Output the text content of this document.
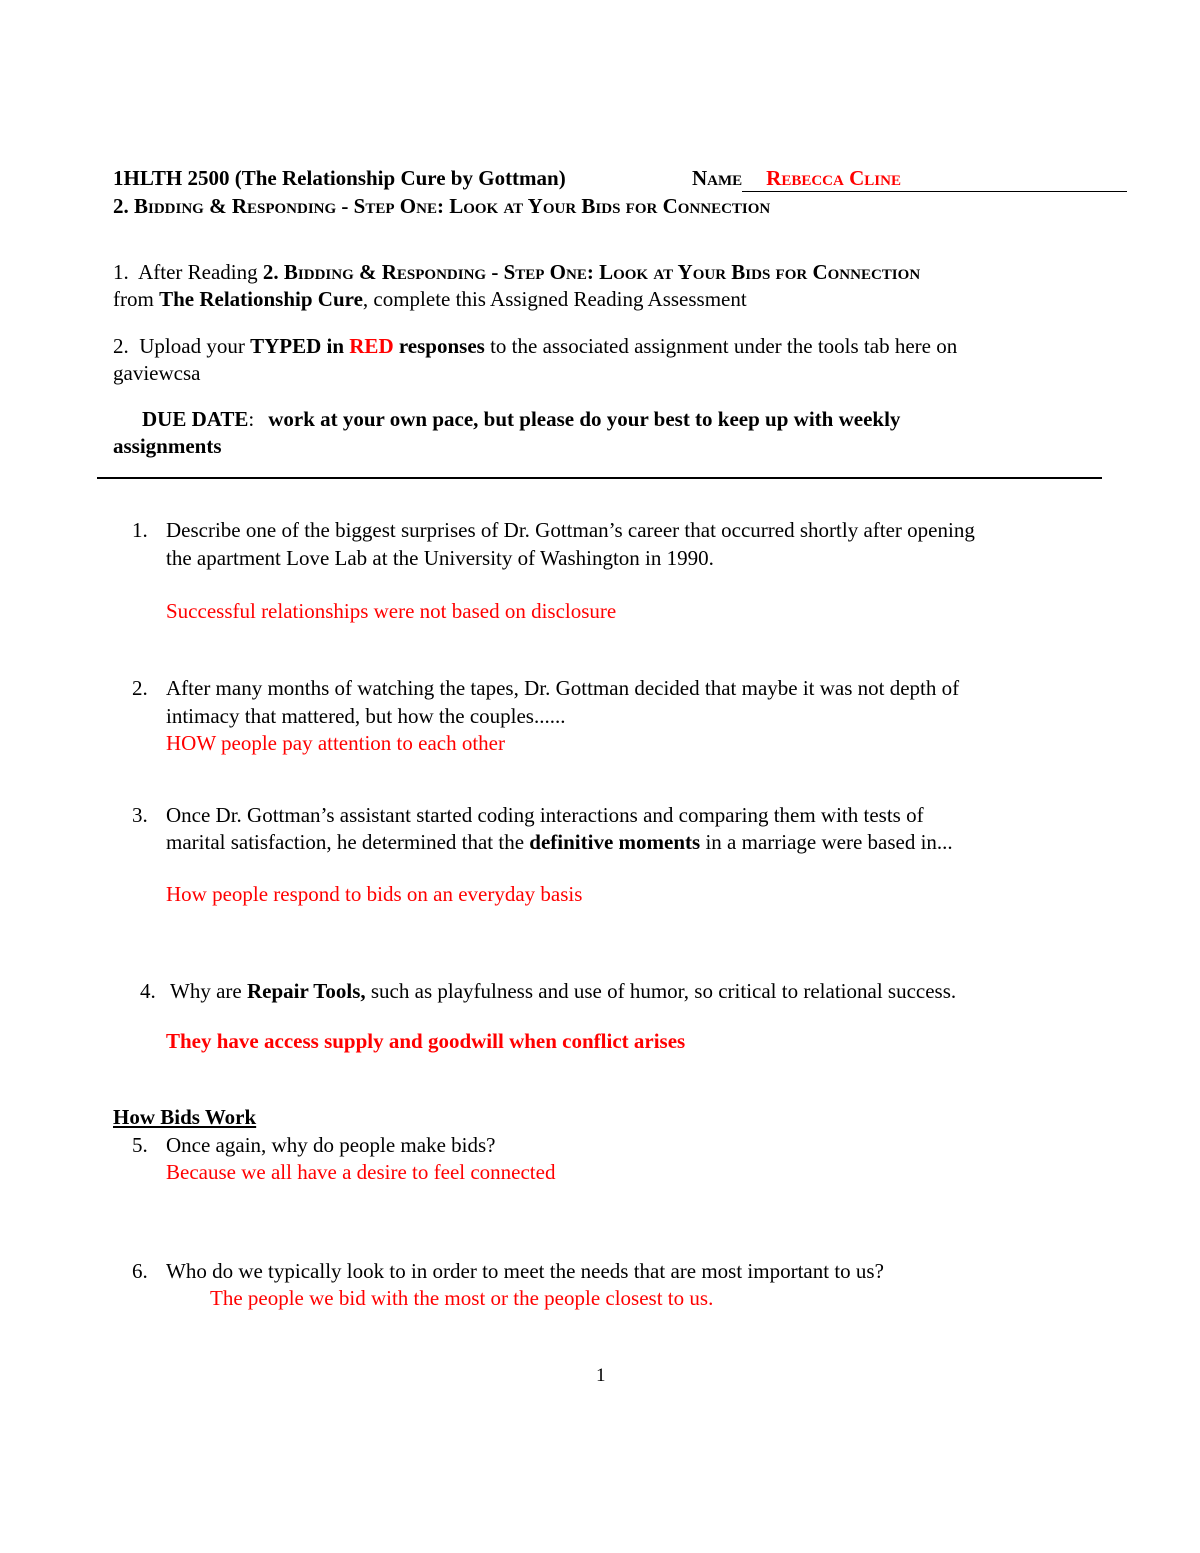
1HLTH 2500 (The Relationship Cure by Gottman)	Name Rebecca Cline
2. Bidding & Responding - Step One: Look at Your Bids for Connection
1.  After Reading 2. Bidding & Responding - Step One: Look at Your Bids for Connection
from The Relationship Cure, complete this Assigned Reading Assessment
2.  Upload your TYPED in RED responses to the associated assignment under the tools tab here on
gaviewcsa
DUE DATE: work at your own pace, but please do your best to keep up with weekly
assignments
1. Describe one of the biggest surprises of Dr. Gottman’s career that occurred shortly after opening
the apartment Love Lab at the University of Washington in 1990.
Successful relationships were not based on disclosure
2. After many months of watching the tapes, Dr. Gottman decided that maybe it was not depth of
intimacy that mattered, but how the couples......
HOW people pay attention to each other
3. Once Dr. Gottman’s assistant started coding interactions and comparing them with tests of
marital satisfaction, he determined that the definitive moments in a marriage were based in...
How people respond to bids on an everyday basis
4. Why are Repair Tools, such as playfulness and use of humor, so critical to relational success.
They have access supply and goodwill when conflict arises
How Bids Work
5. Once again, why do people make bids?
Because we all have a desire to feel connected
6. Who do we typically look to in order to meet the needs that are most important to us?
The people we bid with the most or the people closest to us.
1
